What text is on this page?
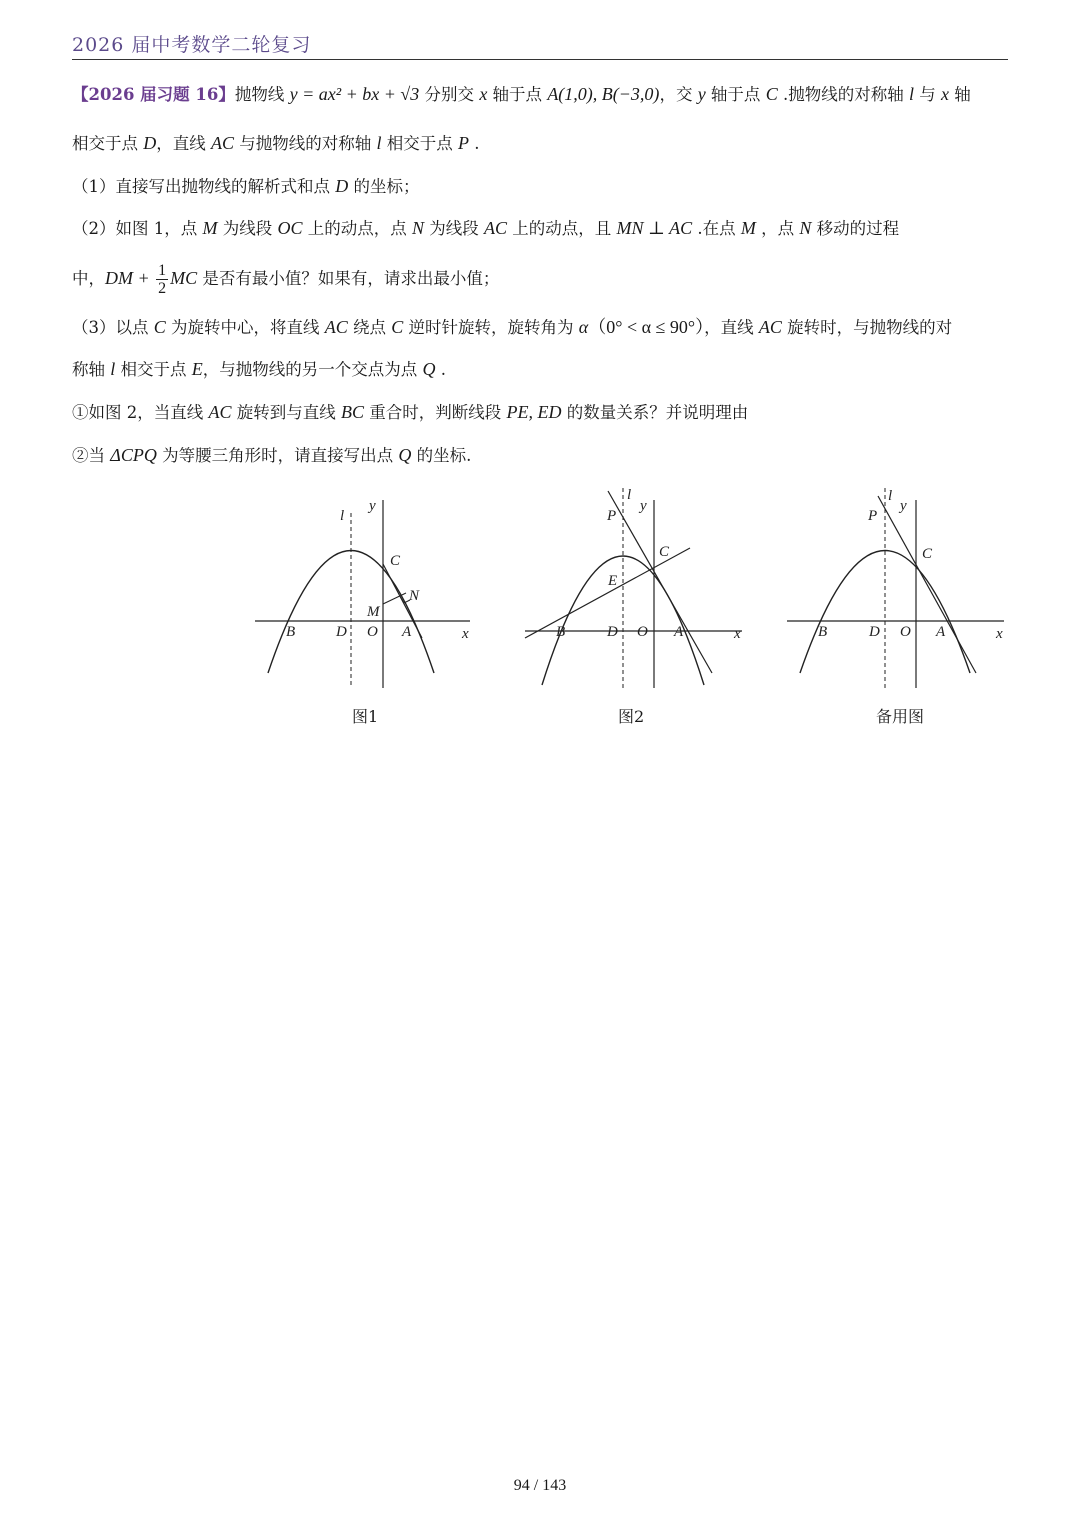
2026 届中考数学二轮复习
【2026 届习题 16】抛物线 y = ax² + bx + √3 分别交 x 轴于点 A(1,0), B(−3,0)，交 y 轴于点 C .抛物线的对称轴 l 与 x 轴
相交于点 D，直线 AC 与抛物线的对称轴 l 相交于点 P .
（1）直接写出抛物线的解析式和点 D 的坐标；
（2）如图 1，点 M 为线段 OC 上的动点，点 N 为线段 AC 上的动点，且 MN ⊥ AC .在点 M ，点 N 移动的过程
中，DM + $\frac{1}{2}$ MC 是否有最小值？如果有，请求出最小值；
（3）以点 C 为旋转中心，将直线 AC 绕点 C 逆时针旋转，旋转角为 α（0° < α ≤ 90°），直线 AC 旋转时，与抛物线的对
称轴 l 相交于点 E，与抛物线的另一个交点为点 Q .
①如图 2，当直线 AC 旋转到与直线 BC 重合时，判断线段 PE, ED 的数量关系？并说明理由
②当 ΔCPQ 为等腰三角形时，请直接写出点 Q 的坐标.
l
y
C
N
M
B	D O A	x
图1
l
y
P
C
E
B	D O A	x
图2
l
y
P
C
B	D O A	x
备用图
94 / 143
